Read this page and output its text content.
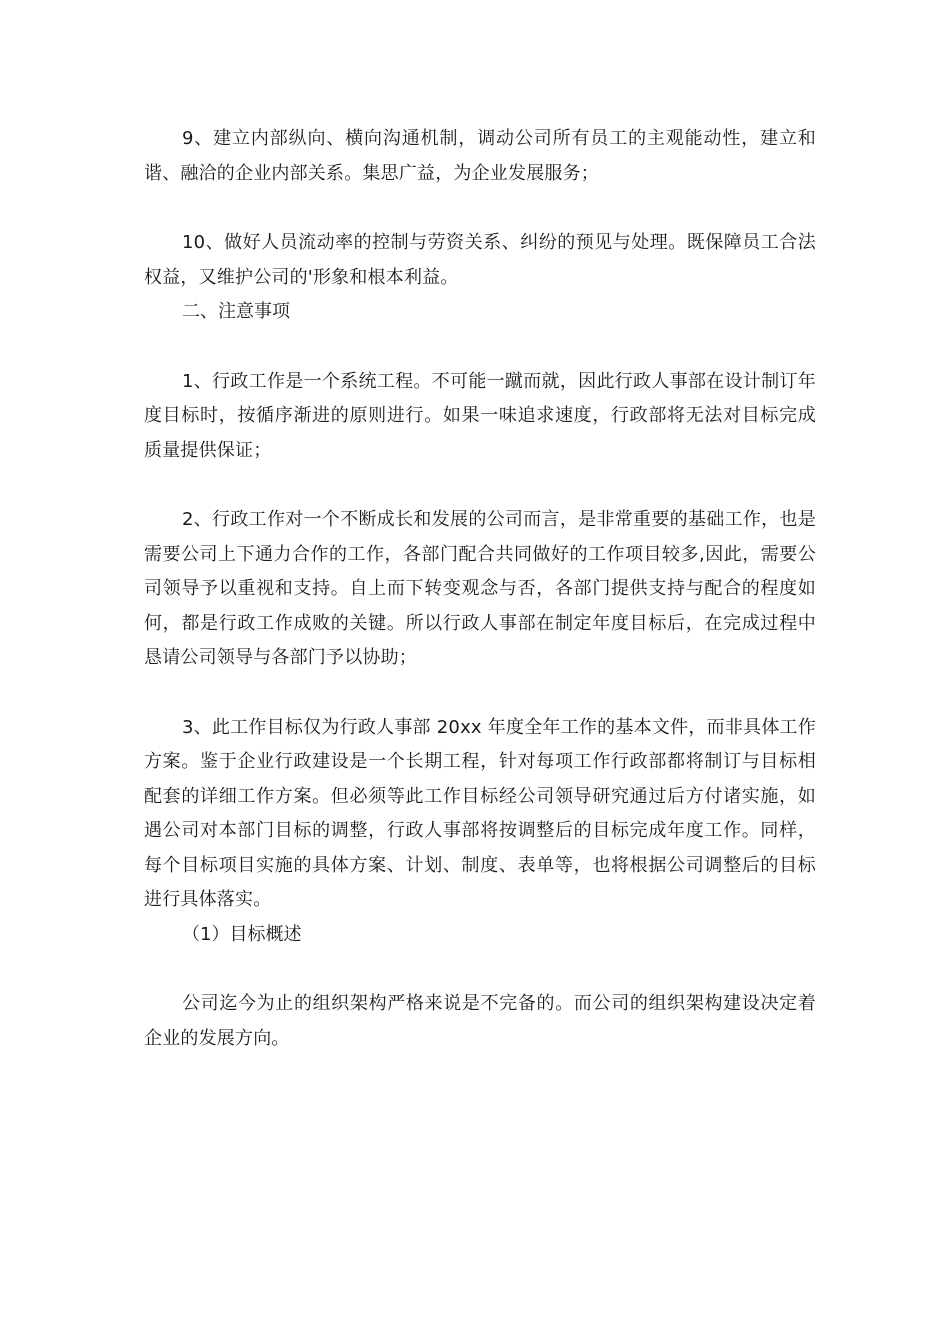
9、建立内部纵向、横向沟通机制，调动公司所有员工的主观能动性，建立和谐、融洽的企业内部关系。集思广益，为企业发展服务；

10、做好人员流动率的控制与劳资关系、纠纷的预见与处理。既保障员工合法权益，又维护公司的'形象和根本利益。

二、注意事项

1、行政工作是一个系统工程。不可能一蹴而就，因此行政人事部在设计制订年度目标时，按循序渐进的原则进行。如果一味追求速度，行政部将无法对目标完成质量提供保证；

2、行政工作对一个不断成长和发展的公司而言，是非常重要的基础工作，也是需要公司上下通力合作的工作，各部门配合共同做好的工作项目较多,因此，需要公司领导予以重视和支持。自上而下转变观念与否，各部门提供支持与配合的程度如何，都是行政工作成败的关键。所以行政人事部在制定年度目标后，在完成过程中恳请公司领导与各部门予以协助；

3、此工作目标仅为行政人事部 20xx 年度全年工作的基本文件，而非具体工作方案。鉴于企业行政建设是一个长期工程，针对每项工作行政部都将制订与目标相配套的详细工作方案。但必须等此工作目标经公司领导研究通过后方付诸实施，如遇公司对本部门目标的调整，行政人事部将按调整后的目标完成年度工作。同样，每个目标项目实施的具体方案、计划、制度、表单等，也将根据公司调整后的目标进行具体落实。

（1）目标概述

公司迄今为止的组织架构严格来说是不完备的。而公司的组织架构建设决定着企业的发展方向。
